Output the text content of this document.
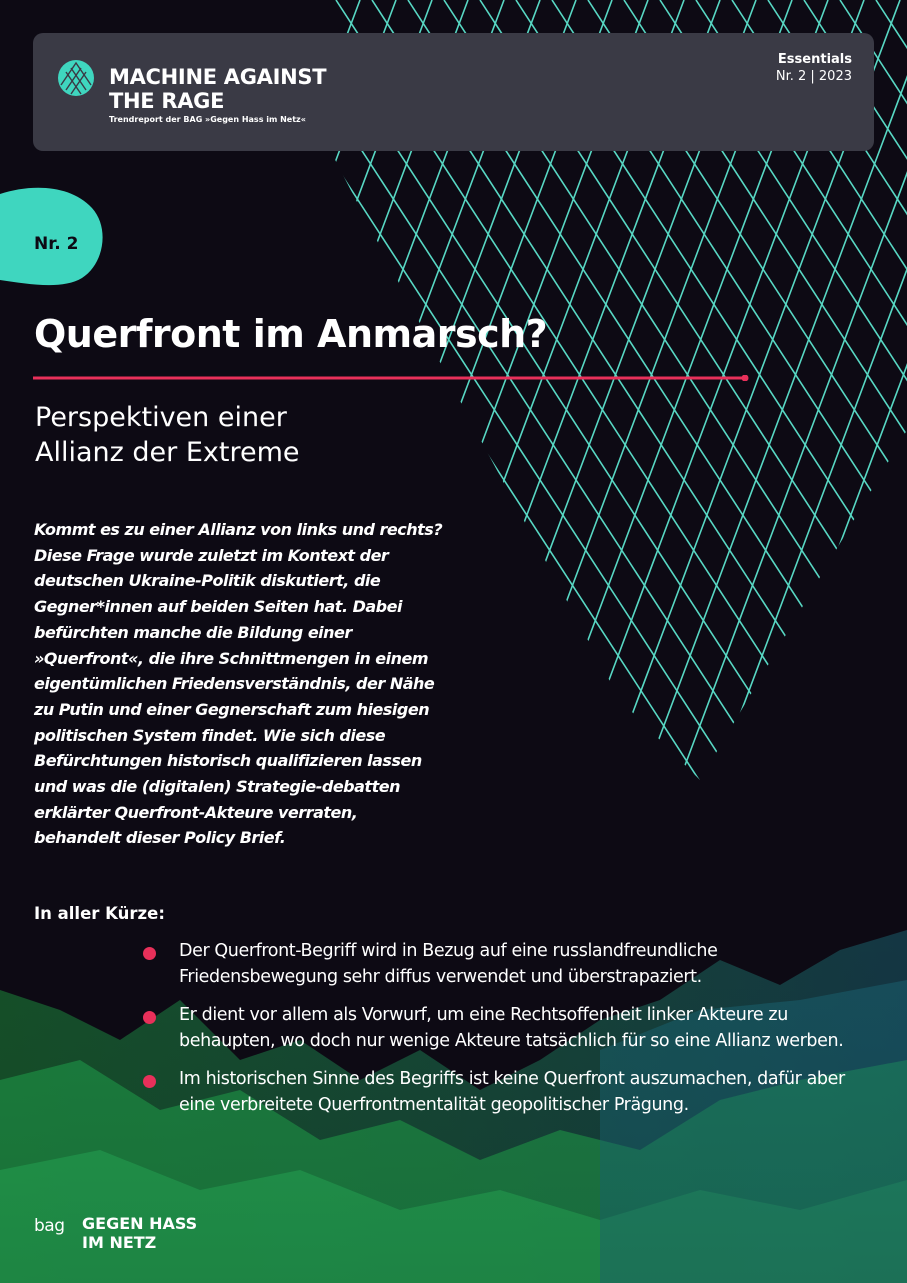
MACHINE AGAINST
THE RAGE
Trendreport der BAG »Gegen Hass im Netz«
Essentials
Nr. 2 | 2023
Nr. 2
Querfront im Anmarsch?
Perspektiven einer
Allianz der Extreme

Kommt es zu einer Allianz von links und rechts? Diese Frage wurde zuletzt im Kontext der deutschen Ukraine-Politik diskutiert, die Gegner*innen auf beiden Seiten hat. Dabei befürchten manche die Bildung einer »Querfront«, die ihre Schnittmengen in einem eigentümlichen Friedensverständnis, der Nähe zu Putin und einer Gegnerschaft zum hiesigen politischen System findet. Wie sich diese Befürchtungen historisch qualifizieren lassen und was die (digitalen) Strategie-debatten erklärter Querfront-Akteure verraten, behandelt dieser Policy Brief.

In aller Kürze:
Der Querfront-Begriff wird in Bezug auf eine russlandfreundliche Friedensbewegung sehr diffus verwendet und überstrapaziert.
Er dient vor allem als Vorwurf, um eine Rechtsoffenheit linker Akteure zu behaupten, wo doch nur wenige Akteure tatsächlich für so eine Allianz werben.
Im historischen Sinne des Begriffs ist keine Querfront auszumachen, dafür aber eine verbreitete Querfrontmentalität geopolitischer Prägung.
bag GEGEN HASS
IM NETZ
